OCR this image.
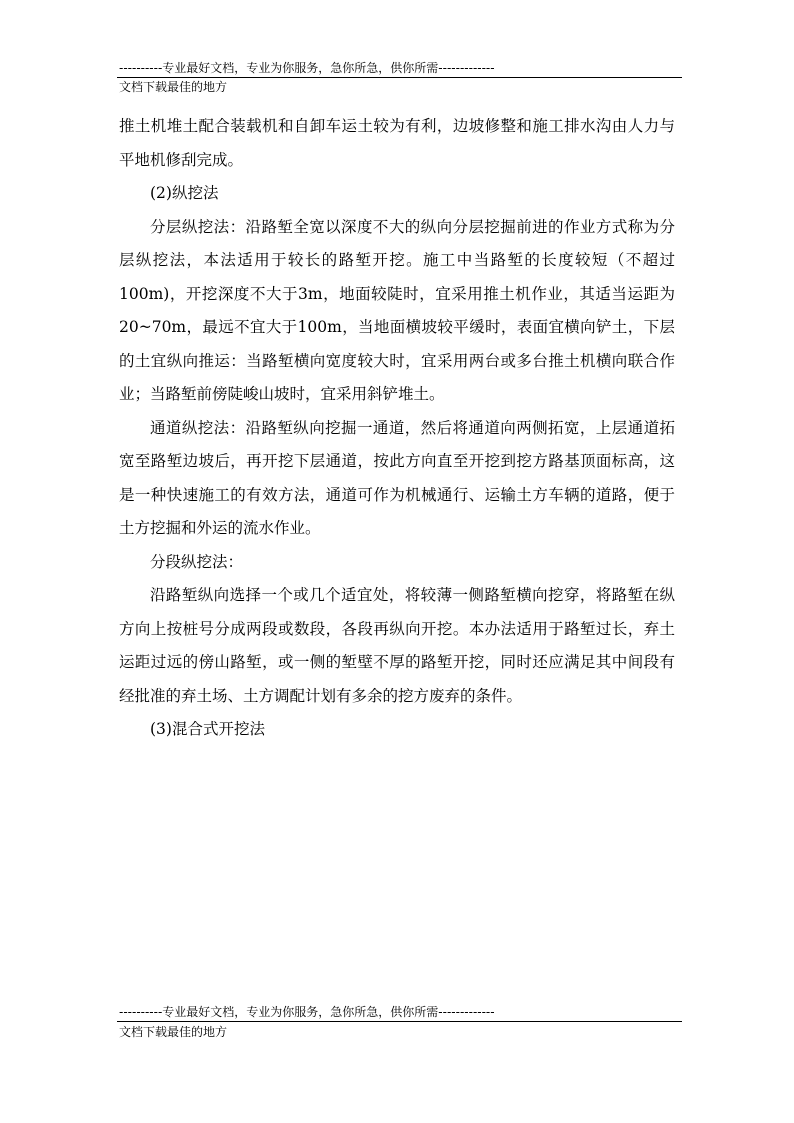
----------专业最好文档，专业为你服务，急你所急，供你所需-------------
文档下载最佳的地方

推土机堆土配合装载机和自卸车运土较为有利，边坡修整和施工排水沟由人力与平地机修刮完成。

(2)纵挖法

分层纵挖法：沿路堑全宽以深度不大的纵向分层挖掘前进的作业方式称为分层纵挖法，本法适用于较长的路堑开挖。施工中当路堑的长度较短（不超过100m)，开挖深度不大于3m，地面较陡时，宜采用推土机作业，其适当运距为20~70m，最远不宜大于100m，当地面横坡较平缓时，表面宜横向铲土，下层的土宜纵向推运：当路堑横向宽度较大时，宜采用两台或多台推土机横向联合作业；当路堑前傍陡峻山坡时，宜采用斜铲堆土。

通道纵挖法：沿路堑纵向挖掘一通道，然后将通道向两侧拓宽，上层通道拓宽至路堑边坡后，再开挖下层通道，按此方向直至开挖到挖方路基顶面标高，这是一种快速施工的有效方法，通道可作为机械通行、运输土方车辆的道路，便于土方挖掘和外运的流水作业。

分段纵挖法：

沿路堑纵向选择一个或几个适宜处，将较薄一侧路堑横向挖穿，将路堑在纵方向上按桩号分成两段或数段，各段再纵向开挖。本办法适用于路堑过长，弃土运距过远的傍山路堑，或一侧的堑壁不厚的路堑开挖，同时还应满足其中间段有经批准的弃土场、土方调配计划有多余的挖方废弃的条件。

(3)混合式开挖法

----------专业最好文档，专业为你服务，急你所急，供你所需-------------
文档下载最佳的地方
